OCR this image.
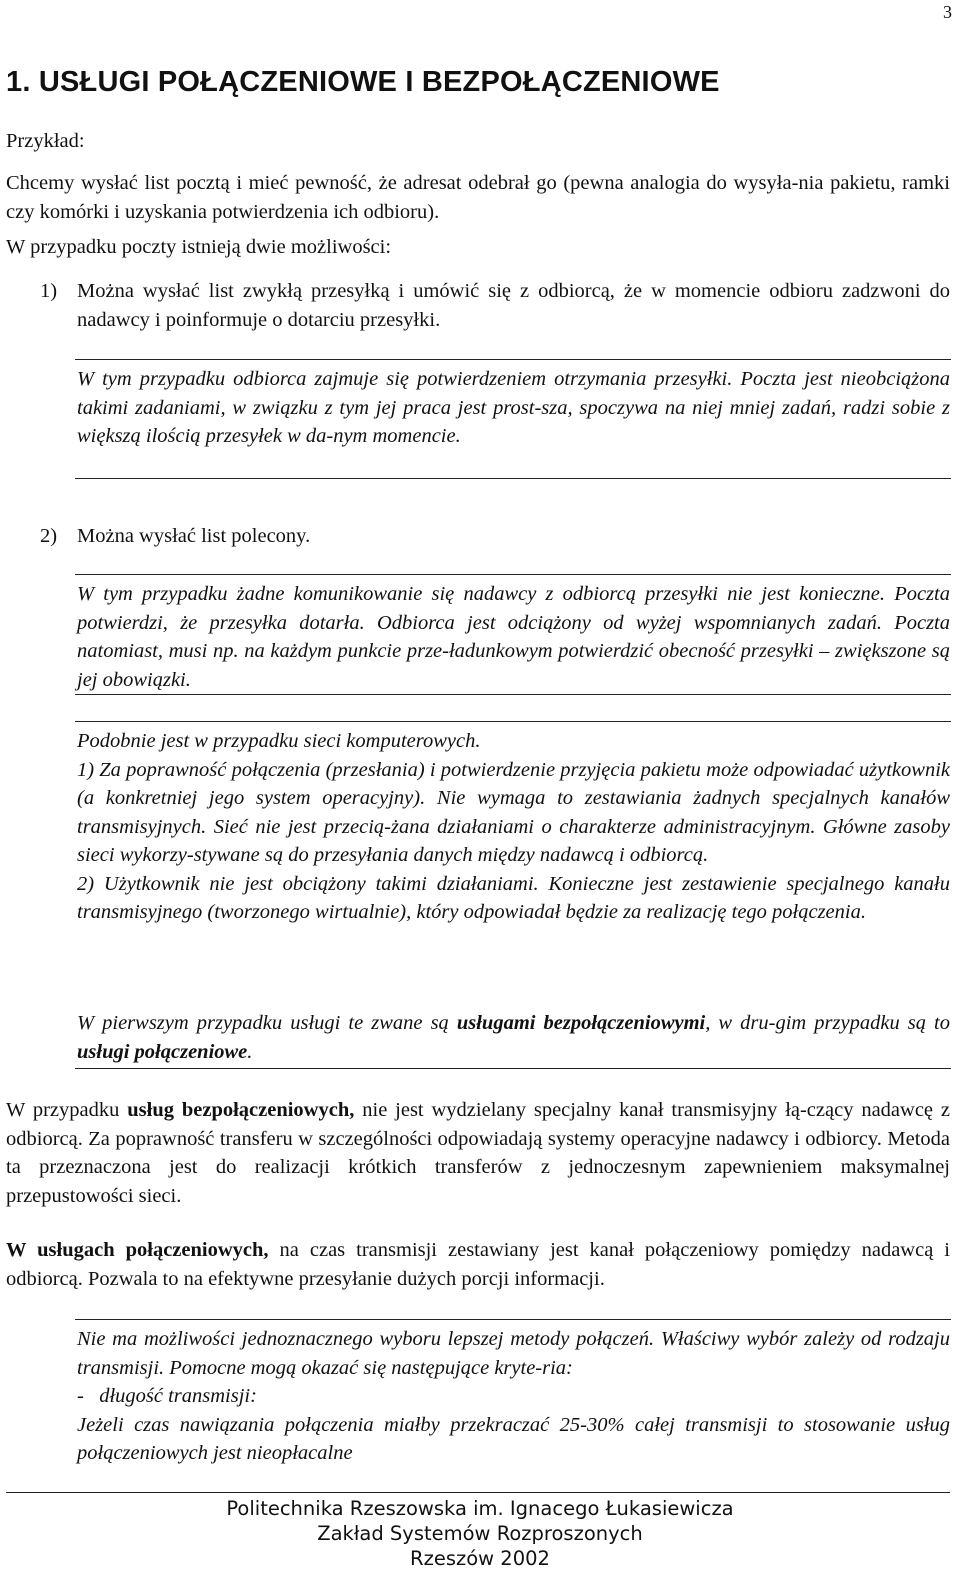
3
1. USŁUGI POŁĄCZENIOWE I BEZPOŁĄCZENIOWE

Przykład:

Chcemy wysłać list pocztą i mieć pewność, że adresat odebrał go (pewna analogia do wysyła-nia pakietu, ramki czy komórki i uzyskania potwierdzenia ich odbioru).

W przypadku poczty istnieją dwie możliwości:

1) Można wysłać list zwykłą przesyłką i umówić się z odbiorcą, że w momencie odbioru zadzwoni do nadawcy i poinformuje o dotarciu przesyłki.

W tym przypadku odbiorca zajmuje się potwierdzeniem otrzymania przesyłki. Poczta jest nieobciążona takimi zadaniami, w związku z tym jej praca jest prost-sza, spoczywa na niej mniej zadań, radzi sobie z większą ilością przesyłek w da-nym momencie.

2) Można wysłać list polecony.

W tym przypadku żadne komunikowanie się nadawcy z odbiorcą przesyłki nie jest konieczne. Poczta potwierdzi, że przesyłka dotarła. Odbiorca jest odciążony od wyżej wspomnianych zadań. Poczta natomiast, musi np. na każdym punkcie prze-ładunkowym potwierdzić obecność przesyłki – zwiększone są jej obowiązki.

Podobnie jest w przypadku sieci komputerowych.

1) Za poprawność połączenia (przesłania) i potwierdzenie przyjęcia pakietu może odpowiadać użytkownik (a konkretniej jego system operacyjny). Nie wymaga to zestawiania żadnych specjalnych kanałów transmisyjnych. Sieć nie jest przecią-żana działaniami o charakterze administracyjnym. Główne zasoby sieci wykorzy-stywane są do przesyłania danych między nadawcą i odbiorcą.

2) Użytkownik nie jest obciążony takimi działaniami. Konieczne jest zestawienie specjalnego kanału transmisyjnego (tworzonego wirtualnie), który odpowiadał będzie za realizację tego połączenia.

W pierwszym przypadku usługi te zwane są usługami bezpołączeniowymi, w dru-gim przypadku są to usługi połączeniowe.

W przypadku usług bezpołączeniowych, nie jest wydzielany specjalny kanał transmisyjny łą-czący nadawcę z odbiorcą. Za poprawność transferu w szczególności odpowiadają systemy operacyjne nadawcy i odbiorcy. Metoda ta przeznaczona jest do realizacji krótkich transferów z jednoczesnym zapewnieniem maksymalnej przepustowości sieci.

W usługach połączeniowych, na czas transmisji zestawiany jest kanał połączeniowy pomiędzy nadawcą i odbiorcą. Pozwala to na efektywne przesyłanie dużych porcji informacji.

Nie ma możliwości jednoznacznego wyboru lepszej metody połączeń. Właściwy wybór zależy od rodzaju transmisji. Pomocne mogą okazać się następujące kryte-ria:

-   długość transmisji:

Jeżeli czas nawiązania połączenia miałby przekraczać 25-30% całej transmisji to stosowanie usług połączeniowych jest nieopłacalne

Politechnika Rzeszowska im. Ignacego Łukasiewicza
Zakład Systemów Rozproszonych
Rzeszów 2002
